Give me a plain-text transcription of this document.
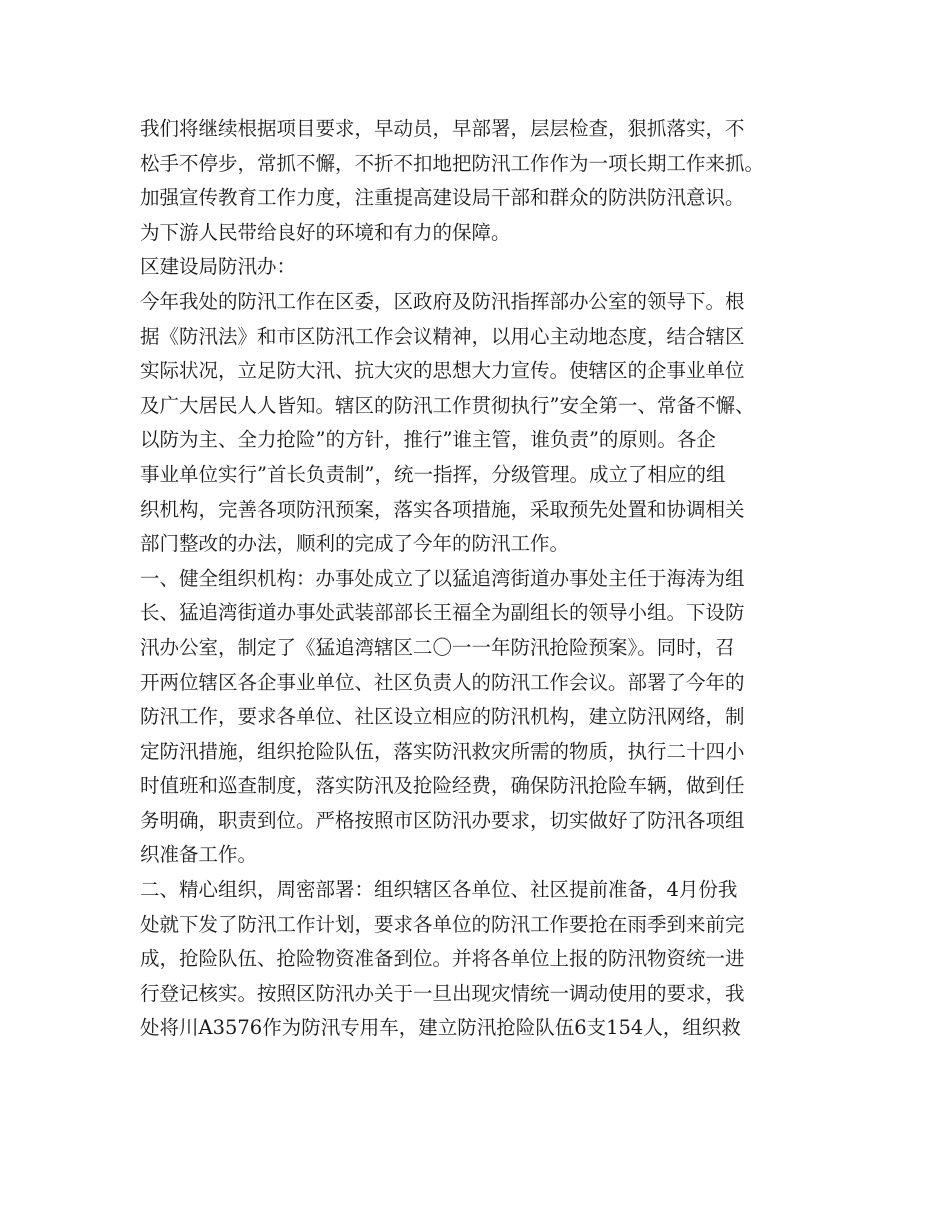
我们将继续根据项目要求，早动员，早部署，层层检查，狠抓落实，不
松手不停步，常抓不懈，不折不扣地把防汛工作作为一项长期工作来抓。
加强宣传教育工作力度，注重提高建设局干部和群众的防洪防汛意识。
为下游人民带给良好的环境和有力的保障。
区建设局防汛办：
今年我处的防汛工作在区委，区政府及防汛指挥部办公室的领导下。根
据《防汛法》和市区防汛工作会议精神，以用心主动地态度，结合辖区
实际状况，立足防大汛、抗大灾的思想大力宣传。使辖区的企事业单位
及广大居民人人皆知。辖区的防汛工作贯彻执行”安全第一、常备不懈、
以防为主、全力抢险”的方针，推行”谁主管，谁负责”的原则。各企
事业单位实行”首长负责制”，统一指挥，分级管理。成立了相应的组
织机构，完善各项防汛预案，落实各项措施，采取预先处置和协调相关
部门整改的办法，顺利的完成了今年的防汛工作。
一、健全组织机构：办事处成立了以猛追湾街道办事处主任于海涛为组
长、猛追湾街道办事处武装部部长王福全为副组长的领导小组。下设防
汛办公室，制定了《猛追湾辖区二〇一一年防汛抢险预案》。同时，召
开两位辖区各企事业单位、社区负责人的防汛工作会议。部署了今年的
防汛工作，要求各单位、社区设立相应的防汛机构，建立防汛网络，制
定防汛措施，组织抢险队伍，落实防汛救灾所需的物质，执行二十四小
时值班和巡查制度，落实防汛及抢险经费，确保防汛抢险车辆，做到任
务明确，职责到位。严格按照市区防汛办要求，切实做好了防汛各项组
织准备工作。
二、精心组织，周密部署：组织辖区各单位、社区提前准备，4月份我
处就下发了防汛工作计划，要求各单位的防汛工作要抢在雨季到来前完
成，抢险队伍、抢险物资准备到位。并将各单位上报的防汛物资统一进
行登记核实。按照区防汛办关于一旦出现灾情统一调动使用的要求，我
处将川A3576作为防汛专用车，建立防汛抢险队伍6支154人，组织救
